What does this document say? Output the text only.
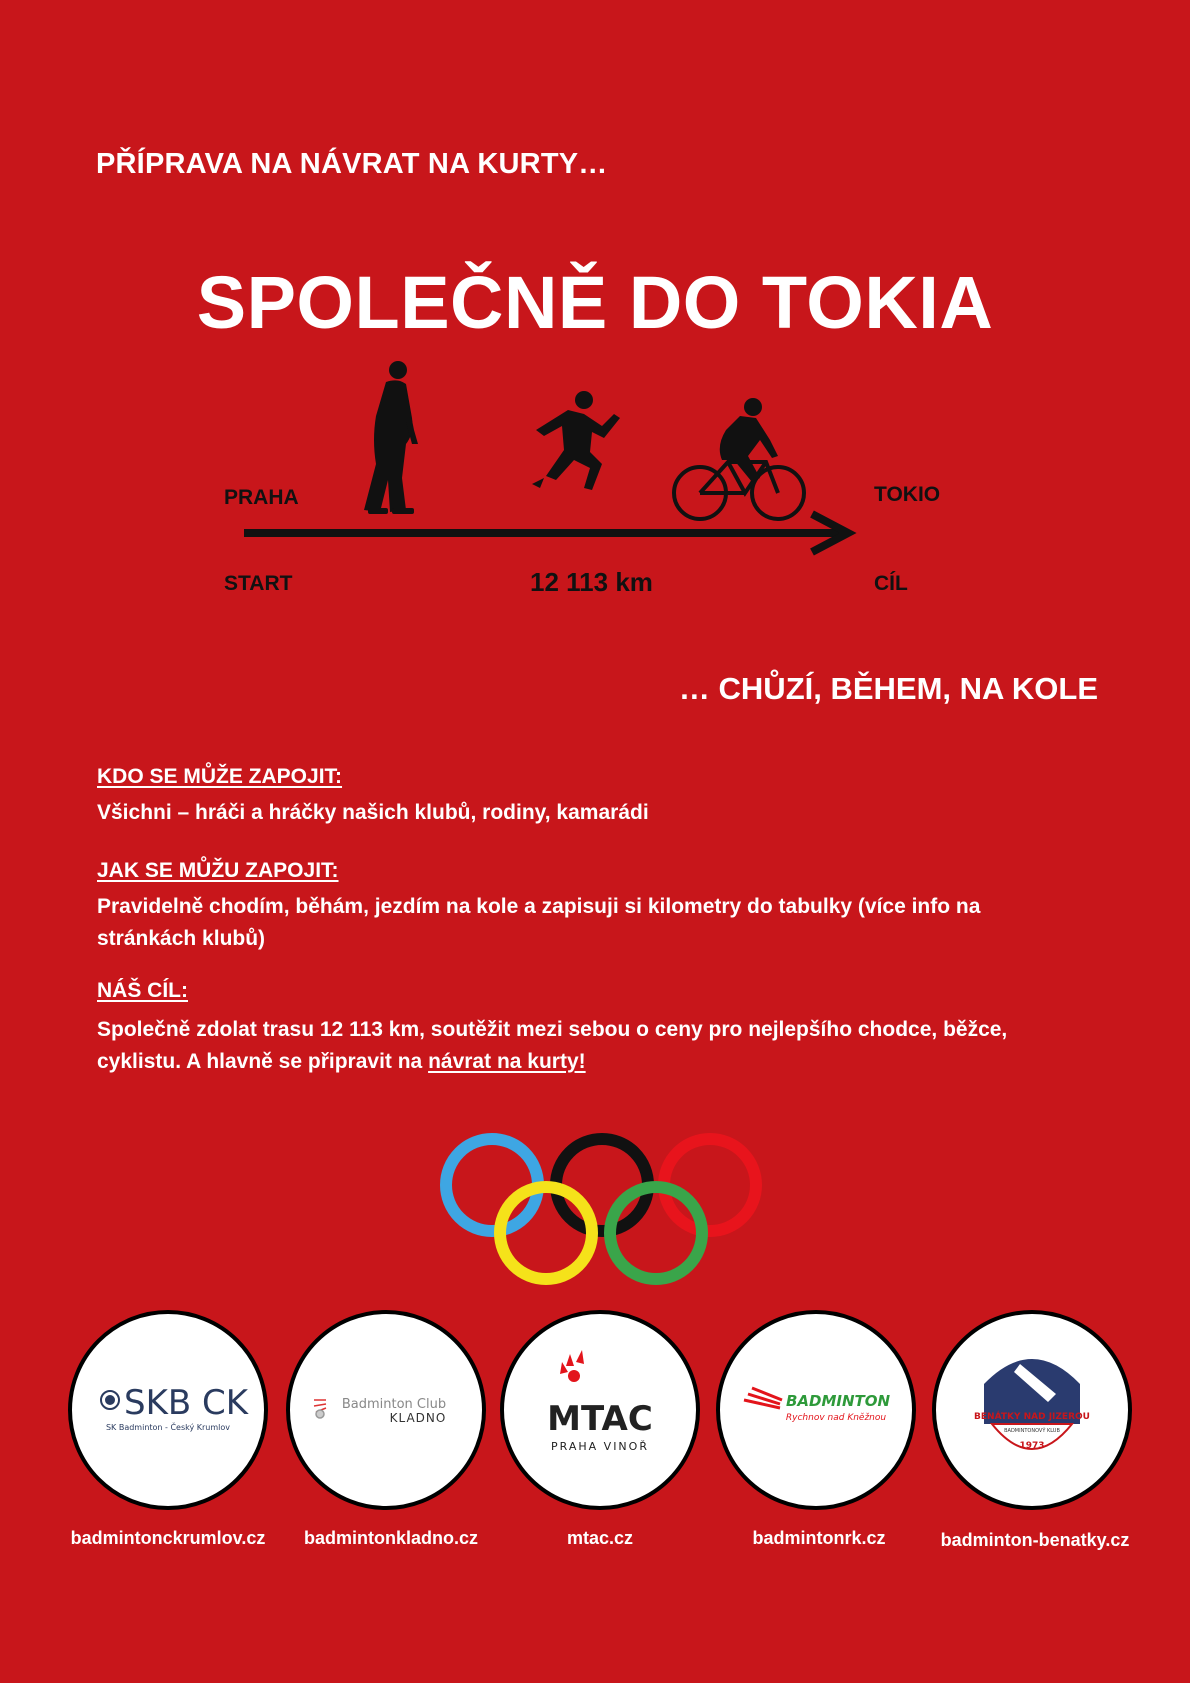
PŘÍPRAVA NA NÁVRAT NA KURTY…
SPOLEČNĚ DO TOKIA
PRAHA	TOKIO
START	CÍL
12 113 km
… CHŮZÍ, BĚHEM, NA KOLE
KDO SE MŮŽE ZAPOJIT:
Všichni – hráči a hráčky našich klubů, rodiny, kamarádi
JAK SE MŮŽU ZAPOJIT:
Pravidelně chodím, běhám, jezdím na kole a zapisuji si kilometry do tabulky (více info na stránkách klubů)
NÁŠ CÍL:
Společně zdolat trasu 12 113 km, soutěžit mezi sebou o ceny pro nejlepšího chodce, běžce, cyklistu. A hlavně se připravit na návrat na kurty!
SKB CK
SK Badminton - Český Krumlov
Badminton Club
KLADNO	MTAC
PRAHA VINOŘ
BADMINTON
Rychnov nad Kněžnou	BENÁTKY NAD JIZEROU
BADMINTONOVÝ KLUB
1973
badmintonckrumlov.cz	badmintonkladno.cz	mtac.cz	badmintonrk.cz	badminton-benatky.cz
